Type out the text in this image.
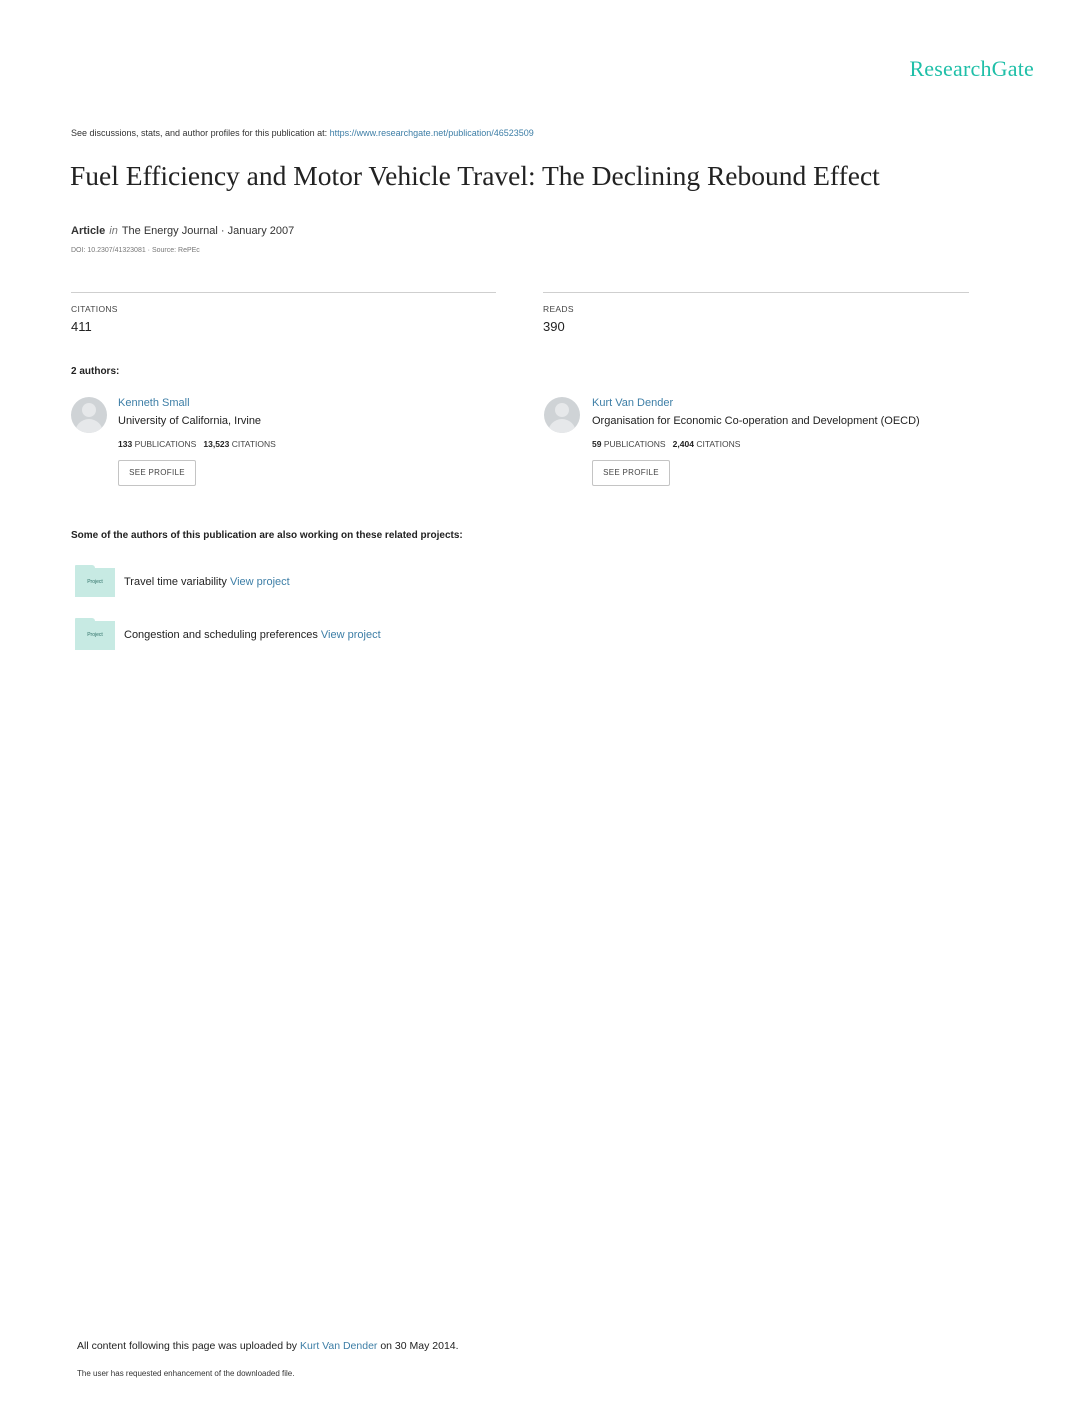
ResearchGate
See discussions, stats, and author profiles for this publication at: https://www.researchgate.net/publication/46523509
Fuel Efficiency and Motor Vehicle Travel: The Declining Rebound Effect
Article in The Energy Journal · January 2007
DOI: 10.2307/41323081 · Source: RePEc
CITATIONS
411
READS
390
2 authors:
Kenneth Small
University of California, Irvine
133 PUBLICATIONS 13,523 CITATIONS
SEE PROFILE
Kurt Van Dender
Organisation for Economic Co-operation and Development (OECD)
59 PUBLICATIONS 2,404 CITATIONS
SEE PROFILE
Some of the authors of this publication are also working on these related projects:
Project	Travel time variability View project
Project	Congestion and scheduling preferences View project
All content following this page was uploaded by Kurt Van Dender on 30 May 2014.
The user has requested enhancement of the downloaded file.
